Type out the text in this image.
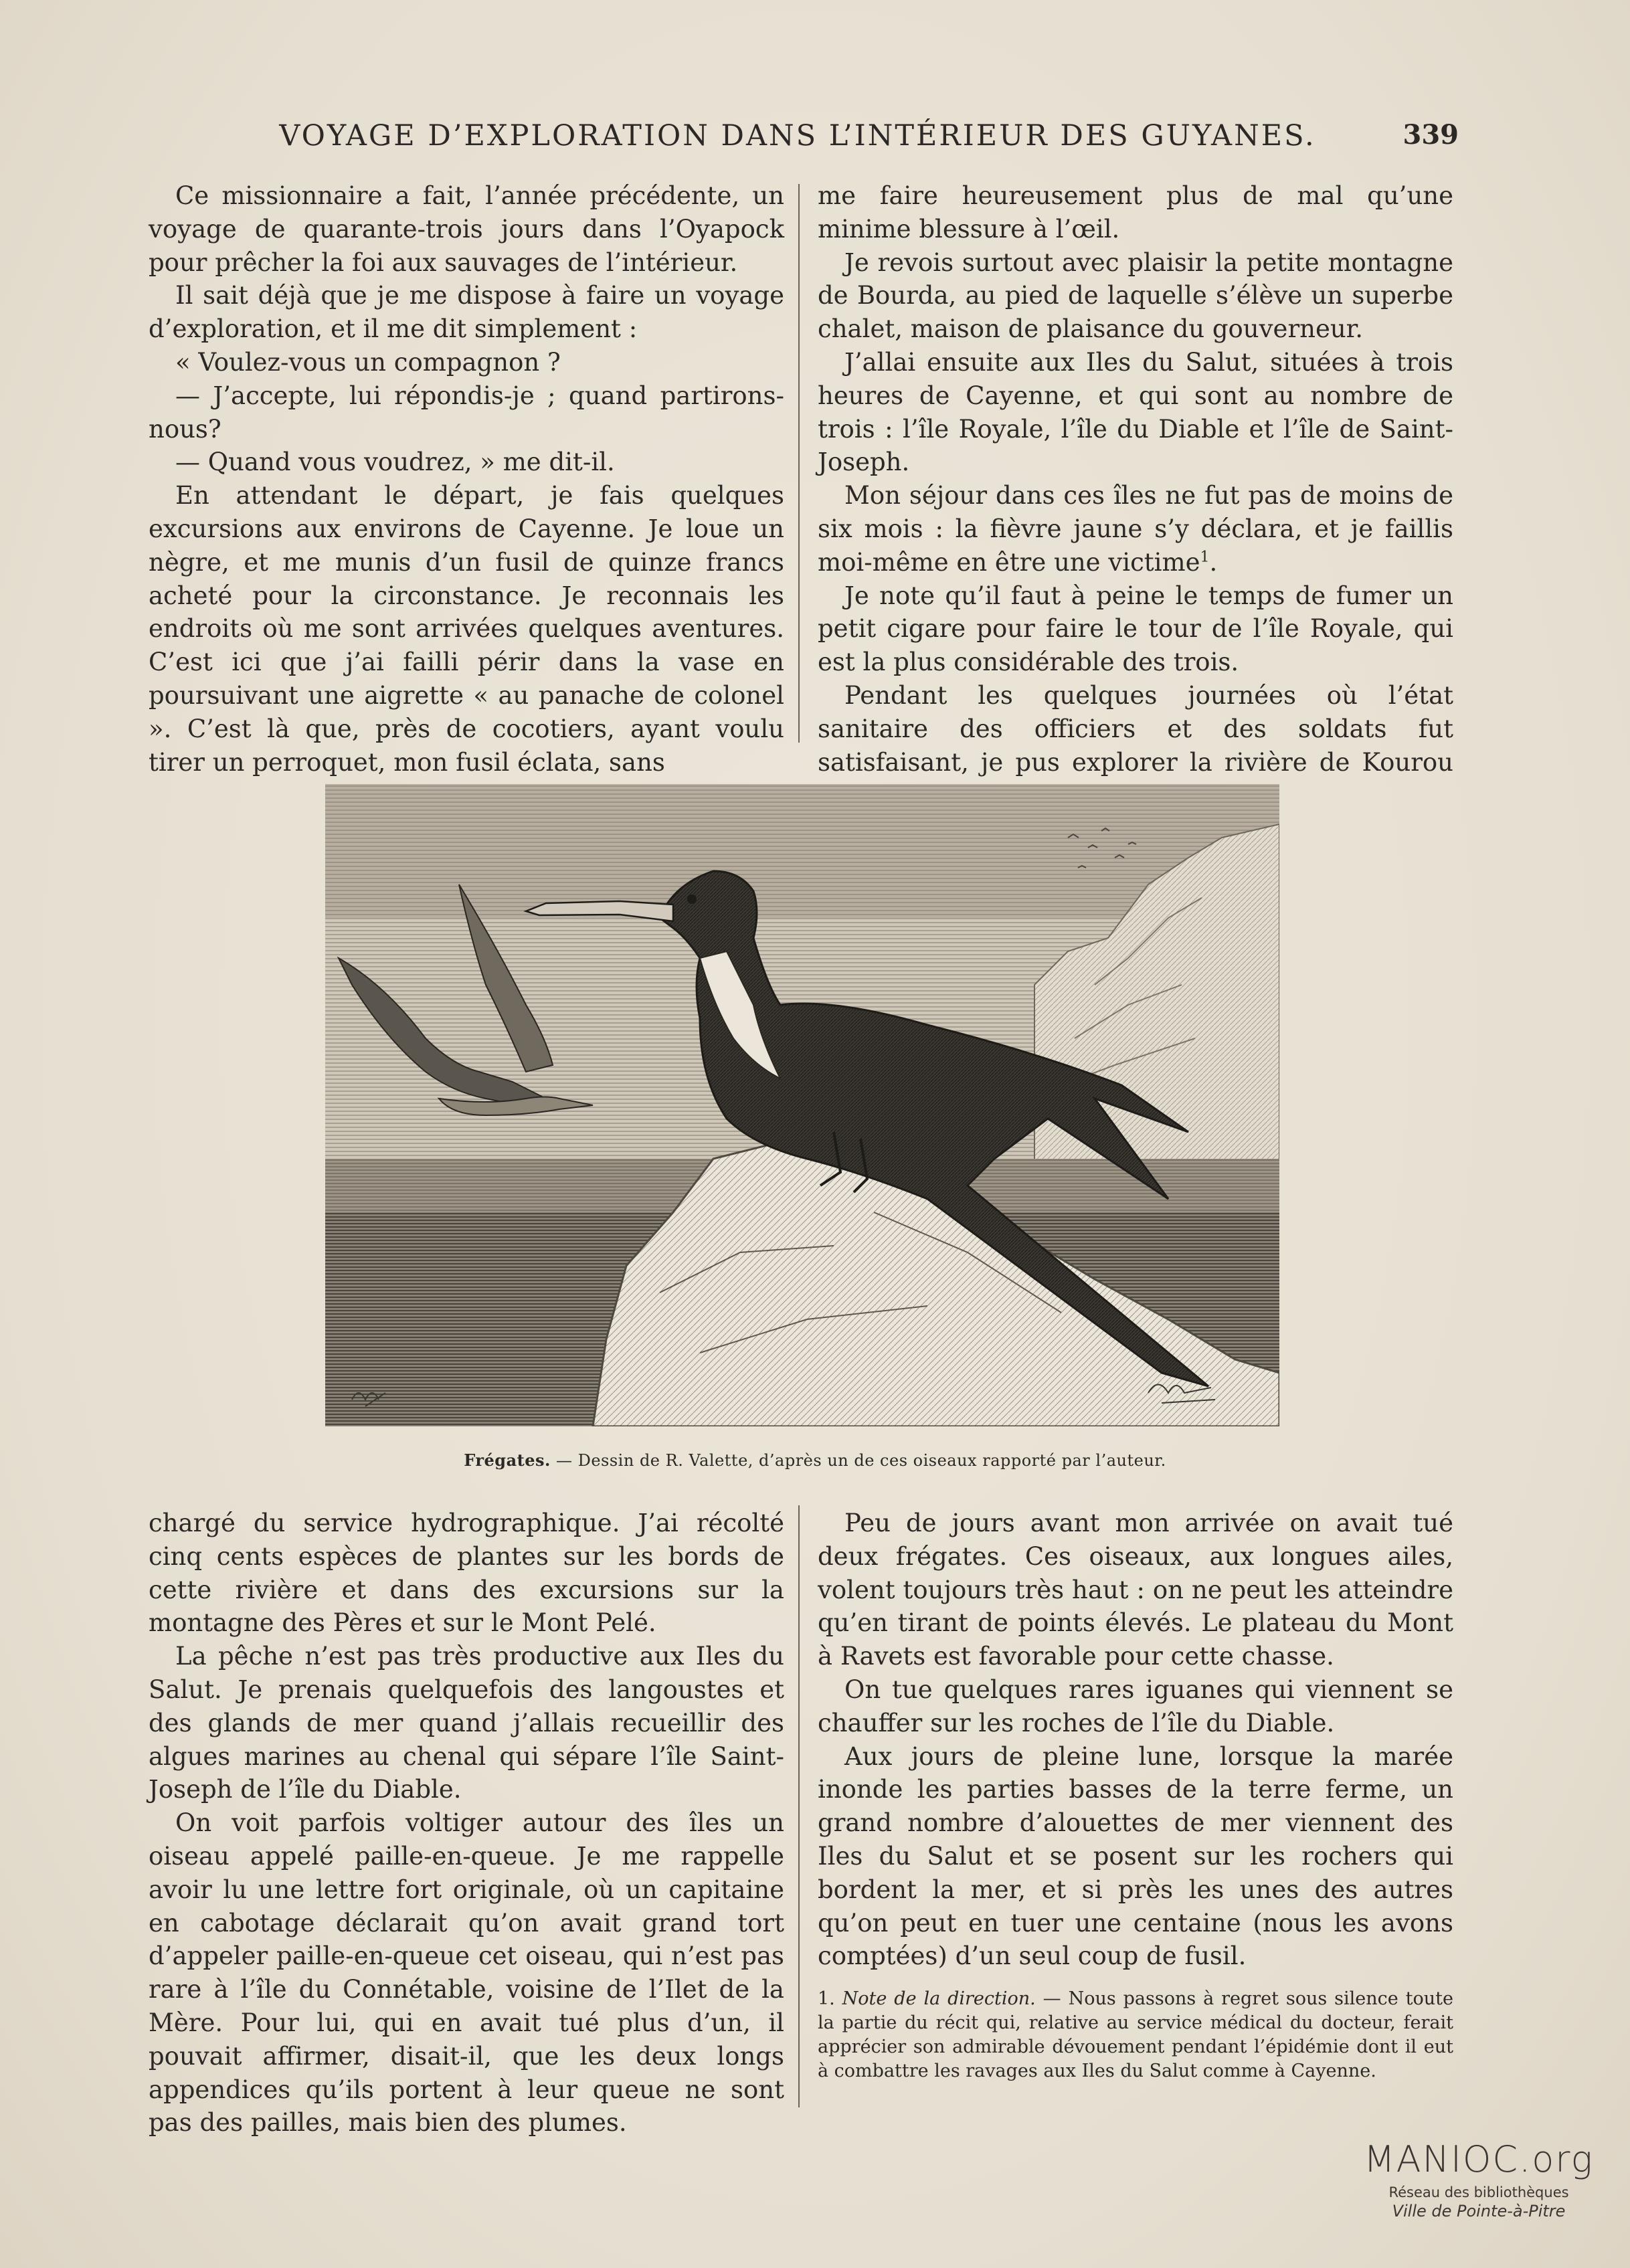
VOYAGE D’EXPLORATION DANS L’INTÉRIEUR DES GUYANES.	339

Ce missionnaire a fait, l’année précédente, un voyage de quarante-trois jours dans l’Oyapock pour prêcher la foi aux sauvages de l’intérieur.

Il sait déjà que je me dispose à faire un voyage d’exploration, et il me dit simplement :

« Voulez-vous un compagnon ?

— J’accepte, lui répondis-je ; quand partirons-nous?

— Quand vous voudrez, » me dit-il.

En attendant le départ, je fais quelques excursions aux environs de Cayenne. Je loue un nègre, et me munis d’un fusil de quinze francs acheté pour la circonstance. Je reconnais les endroits où me sont arrivées quelques aventures. C’est ici que j’ai failli périr dans la vase en poursuivant une aigrette « au panache de colonel ». C’est là que, près de cocotiers, ayant voulu tirer un perroquet, mon fusil éclata, sans

me faire heureusement plus de mal qu’une minime blessure à l’œil.

Je revois surtout avec plaisir la petite montagne de Bourda, au pied de laquelle s’élève un superbe chalet, maison de plaisance du gouverneur.

J’allai ensuite aux Iles du Salut, situées à trois heures de Cayenne, et qui sont au nombre de trois : l’île Royale, l’île du Diable et l’île de Saint-Joseph.

Mon séjour dans ces îles ne fut pas de moins de six mois : la fièvre jaune s’y déclara, et je faillis moi-même en être une victime$^1$.

Je note qu’il faut à peine le temps de fumer un petit cigare pour faire le tour de l’île Royale, qui est la plus considérable des trois.

Pendant les quelques journées où l’état sanitaire des officiers et des soldats fut satisfaisant, je pus explorer la rivière de Kourou

Frégates. — Dessin de R. Valette, d’après un de ces oiseaux rapporté par l’auteur.

chargé du service hydrographique. J’ai récolté cinq cents espèces de plantes sur les bords de cette rivière et dans des excursions sur la montagne des Pères et sur le Mont Pelé.

La pêche n’est pas très productive aux Iles du Salut. Je prenais quelquefois des langoustes et des glands de mer quand j’allais recueillir des algues marines au chenal qui sépare l’île Saint-Joseph de l’île du Diable.

On voit parfois voltiger autour des îles un oiseau appelé paille-en-queue. Je me rappelle avoir lu une lettre fort originale, où un capitaine en cabotage déclarait qu’on avait grand tort d’appeler paille-en-queue cet oiseau, qui n’est pas rare à l’île du Connétable, voisine de l’Ilet de la Mère. Pour lui, qui en avait tué plus d’un, il pouvait affirmer, disait-il, que les deux longs appendices qu’ils portent à leur queue ne sont pas des pailles, mais bien des plumes.

Peu de jours avant mon arrivée on avait tué deux frégates. Ces oiseaux, aux longues ailes, volent toujours très haut : on ne peut les atteindre qu’en tirant de points élevés. Le plateau du Mont à Ravets est favorable pour cette chasse.

On tue quelques rares iguanes qui viennent se chauffer sur les roches de l’île du Diable.

Aux jours de pleine lune, lorsque la marée inonde les parties basses de la terre ferme, un grand nombre d’alouettes de mer viennent des Iles du Salut et se posent sur les rochers qui bordent la mer, et si près les unes des autres qu’on peut en tuer une centaine (nous les avons comptées) d’un seul coup de fusil.

1. Note de la direction. — Nous passons à regret sous silence toute la partie du récit qui, relative au service médical du docteur, ferait apprécier son admirable dévouement pendant l’épidémie dont il eut à combattre les ravages aux Iles du Salut comme à Cayenne.
MANIOC.org
Réseau des bibliothèques
Ville de Pointe-à-Pitre
